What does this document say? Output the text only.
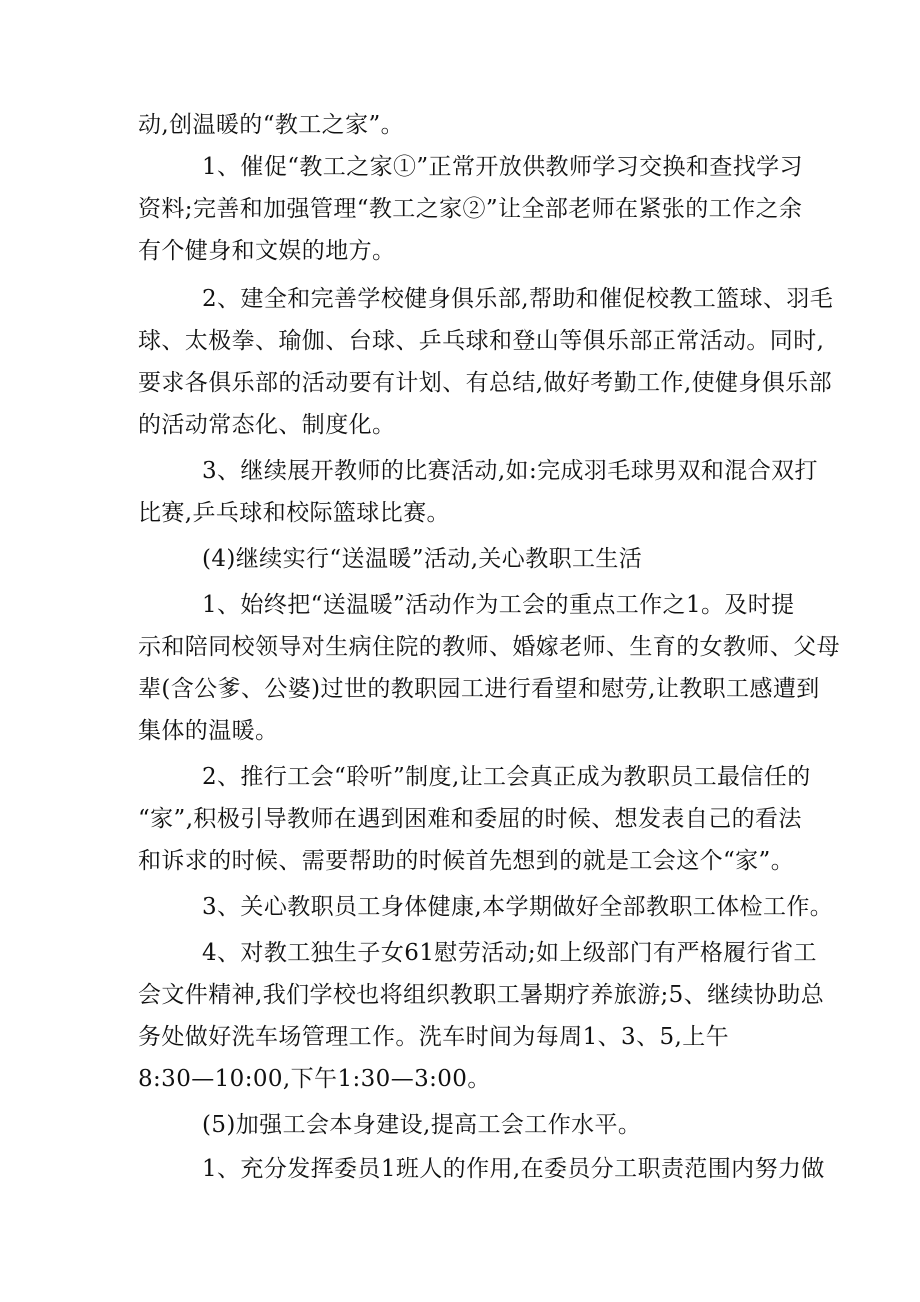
动,创温暖的“教工之家”。
1、催促“教工之家①”正常开放供教师学习交换和查找学习
资料;完善和加强管理“教工之家②”让全部老师在紧张的工作之余
有个健身和文娱的地方。
2、建全和完善学校健身俱乐部,帮助和催促校教工篮球、羽毛
球、太极拳、瑜伽、台球、乒乓球和登山等俱乐部正常活动。同时,
要求各俱乐部的活动要有计划、有总结,做好考勤工作,使健身俱乐部
的活动常态化、制度化。
3、继续展开教师的比赛活动,如:完成羽毛球男双和混合双打
比赛,乒乓球和校际篮球比赛。
(4)继续实行“送温暖”活动,关心教职工生活
1、始终把“送温暖”活动作为工会的重点工作之1。及时提
示和陪同校领导对生病住院的教师、婚嫁老师、生育的女教师、父母
辈(含公爹、公婆)过世的教职园工进行看望和慰劳,让教职工感遭到
集体的温暖。
2、推行工会“聆听”制度,让工会真正成为教职员工最信任的
“家”,积极引导教师在遇到困难和委屈的时候、想发表自己的看法
和诉求的时候、需要帮助的时候首先想到的就是工会这个“家”。
3、关心教职员工身体健康,本学期做好全部教职工体检工作。
4、对教工独生子女61慰劳活动;如上级部门有严格履行省工
会文件精神,我们学校也将组织教职工暑期疗养旅游;5、继续协助总
务处做好洗车场管理工作。洗车时间为每周1、3、5,上午
8:30—10:00,下午1:30—3:00。
(5)加强工会本身建设,提高工会工作水平。
1、充分发挥委员1班人的作用,在委员分工职责范围内努力做
